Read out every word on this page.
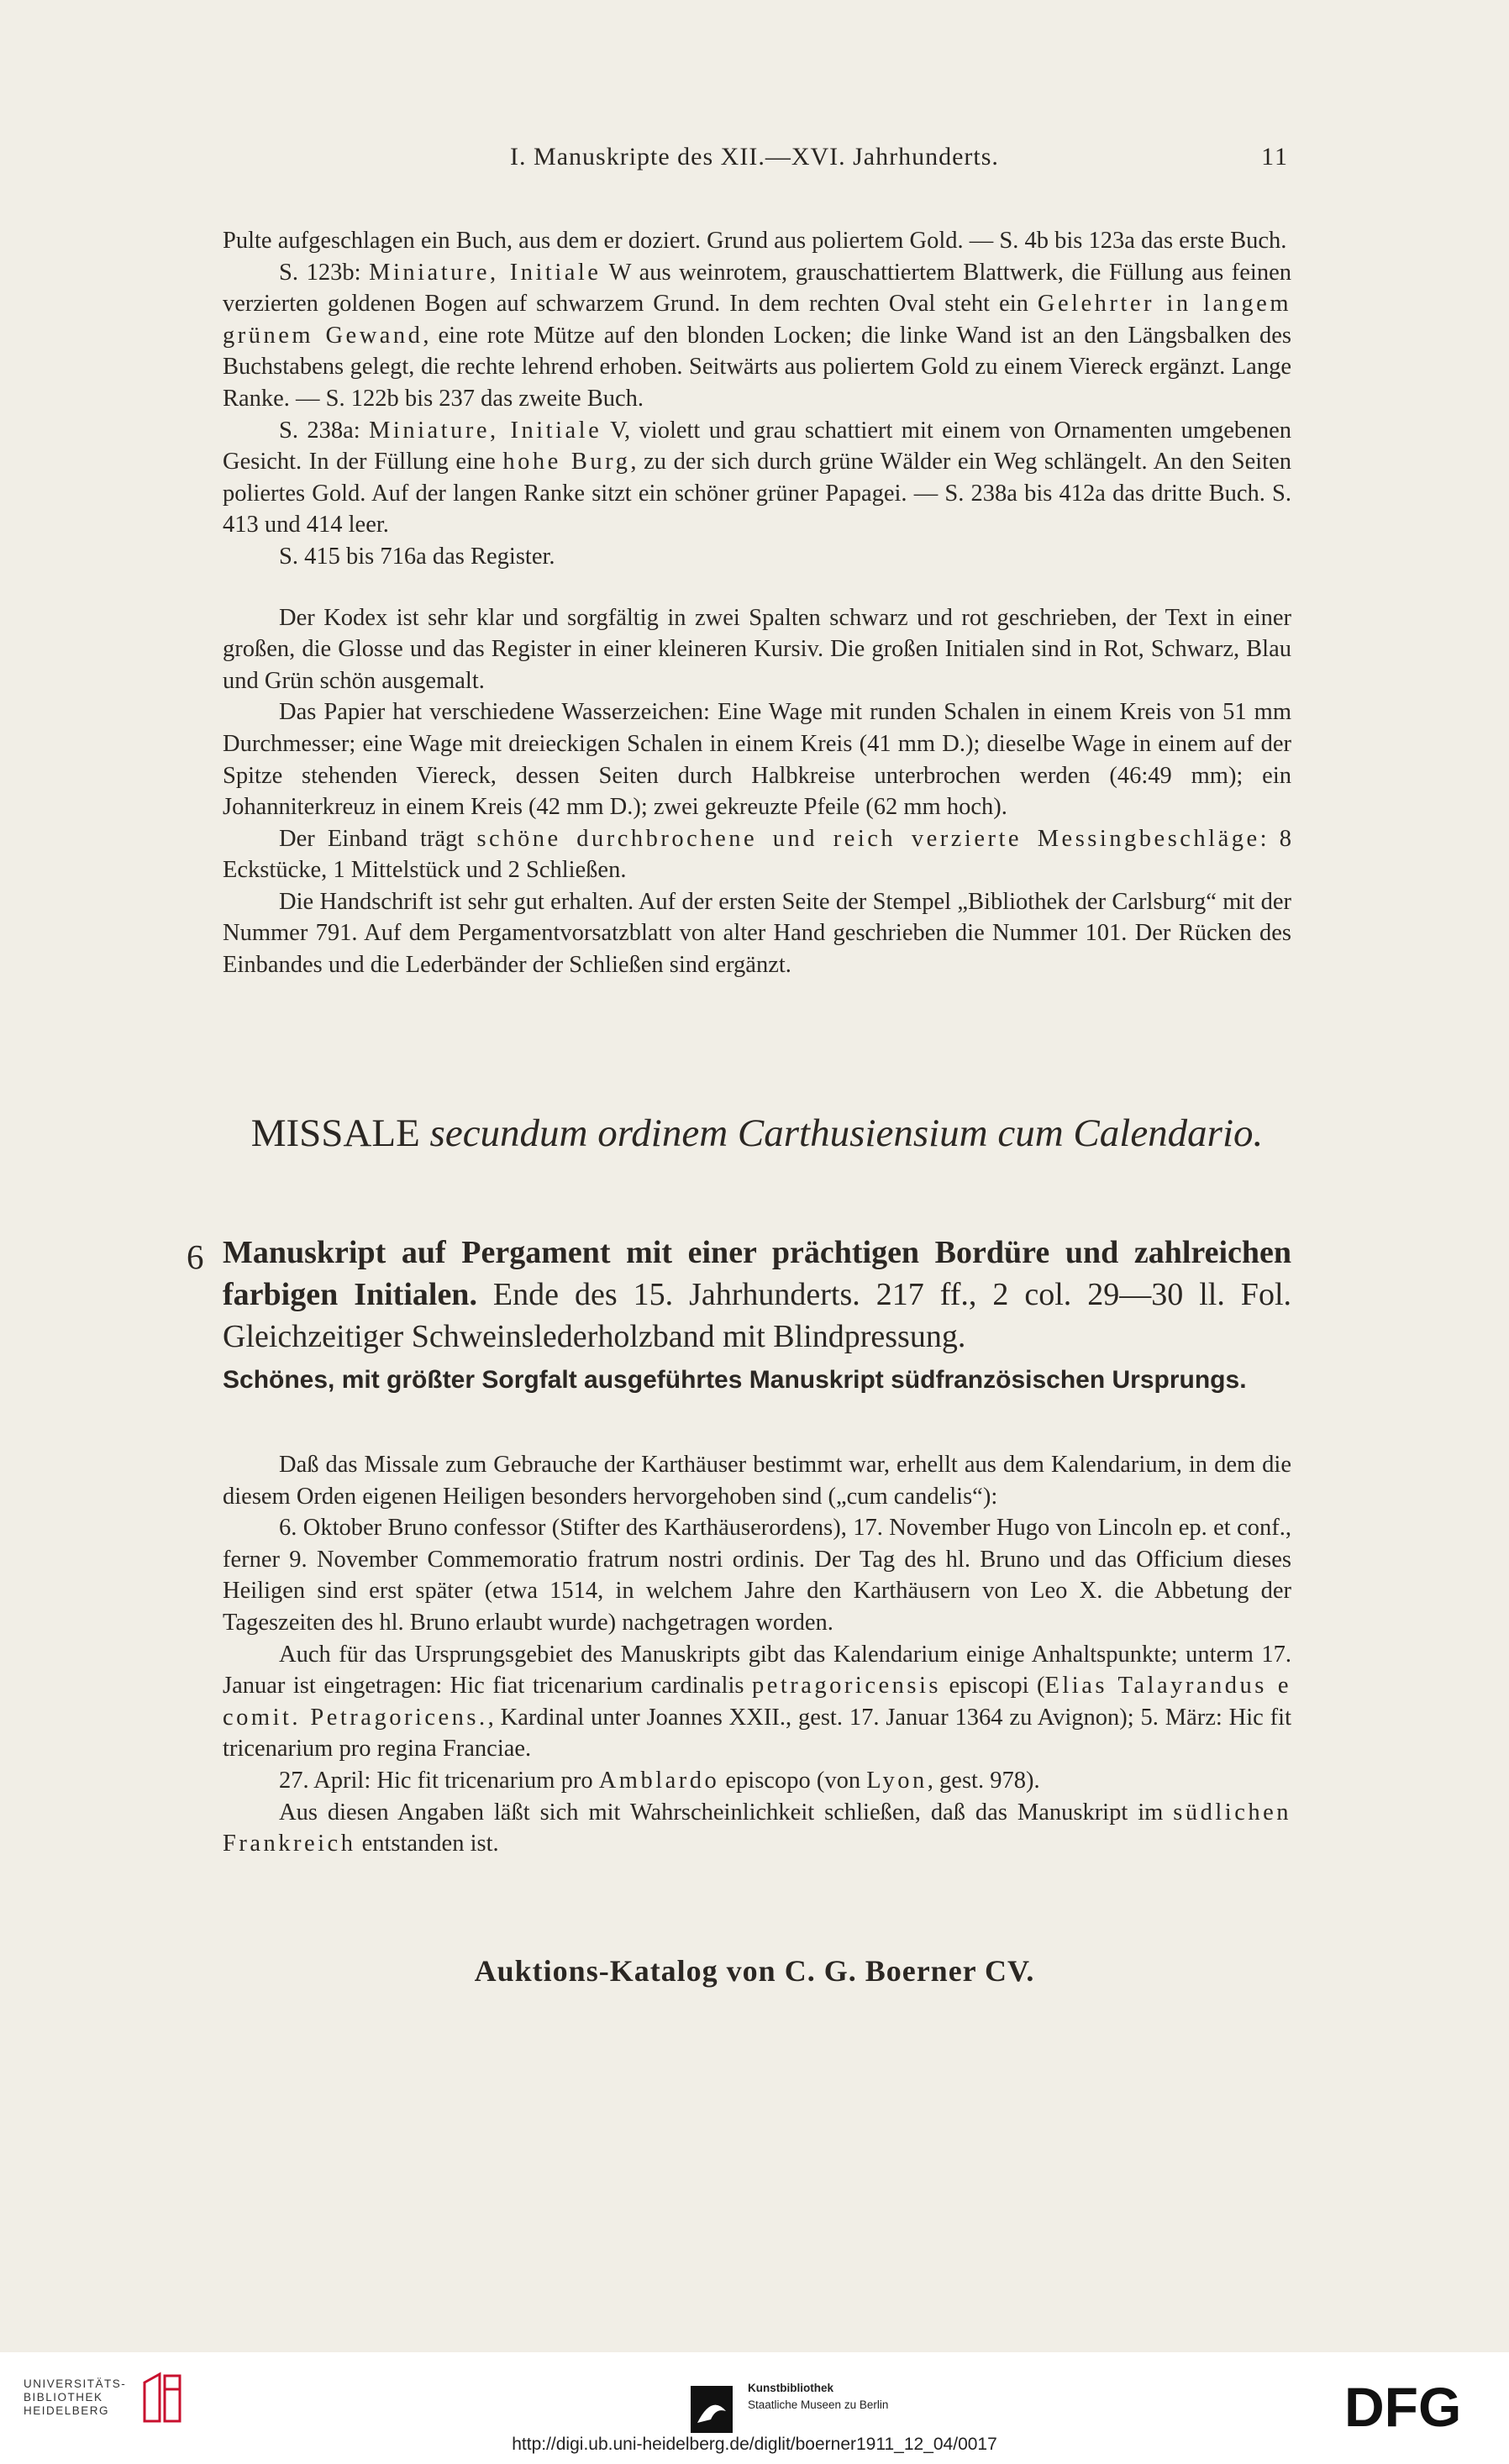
I. Manuskripte des XII.—XVI. Jahrhunderts.	11

Pulte aufgeschlagen ein Buch, aus dem er doziert. Grund aus poliertem Gold. — S. 4b bis 123a das erste Buch.

S. 123b: Miniature, Initiale W aus weinrotem, grauschattiertem Blattwerk, die Füllung aus feinen verzierten goldenen Bogen auf schwarzem Grund. In dem rechten Oval steht ein Gelehrter in langem grünem Gewand, eine rote Mütze auf den blonden Locken; die linke Wand ist an den Längsbalken des Buchstabens gelegt, die rechte lehrend erhoben. Seitwärts aus poliertem Gold zu einem Viereck ergänzt. Lange Ranke. — S. 122b bis 237 das zweite Buch.

S. 238a: Miniature, Initiale V, violett und grau schattiert mit einem von Ornamenten umgebenen Gesicht. In der Füllung eine hohe Burg, zu der sich durch grüne Wälder ein Weg schlängelt. An den Seiten poliertes Gold. Auf der langen Ranke sitzt ein schöner grüner Papagei. — S. 238a bis 412a das dritte Buch. S. 413 und 414 leer.

S. 415 bis 716a das Register.

Der Kodex ist sehr klar und sorgfältig in zwei Spalten schwarz und rot geschrieben, der Text in einer großen, die Glosse und das Register in einer kleineren Kursiv. Die großen Initialen sind in Rot, Schwarz, Blau und Grün schön ausgemalt.

Das Papier hat verschiedene Wasserzeichen: Eine Wage mit runden Schalen in einem Kreis von 51 mm Durchmesser; eine Wage mit dreieckigen Schalen in einem Kreis (41 mm D.); dieselbe Wage in einem auf der Spitze stehenden Viereck, dessen Seiten durch Halbkreise unterbrochen werden (46:49 mm); ein Johanniterkreuz in einem Kreis (42 mm D.); zwei gekreuzte Pfeile (62 mm hoch).

Der Einband trägt schöne durchbrochene und reich verzierte Messingbeschläge: 8 Eckstücke, 1 Mittelstück und 2 Schließen.

Die Handschrift ist sehr gut erhalten. Auf der ersten Seite der Stempel „Bibliothek der Carlsburg“ mit der Nummer 791. Auf dem Pergamentvorsatzblatt von alter Hand geschrieben die Nummer 101. Der Rücken des Einbandes und die Lederbänder der Schließen sind ergänzt.

MISSALE secundum ordinem Carthusiensium cum Calendario.
6 Manuskript auf Pergament mit einer prächtigen Bordüre und zahlreichen farbigen Initialen. Ende des 15. Jahrhunderts. 217 ff., 2 col. 29—30 ll. Fol. Gleichzeitiger Schweinslederholzband mit Blindpressung.
Schönes, mit größter Sorgfalt ausgeführtes Manuskript südfranzösischen Ursprungs.

Daß das Missale zum Gebrauche der Karthäuser bestimmt war, erhellt aus dem Kalendarium, in dem die diesem Orden eigenen Heiligen besonders hervorgehoben sind („cum candelis“):

6. Oktober Bruno confessor (Stifter des Karthäuserordens), 17. November Hugo von Lincoln ep. et conf., ferner 9. November Commemoratio fratrum nostri ordinis. Der Tag des hl. Bruno und das Officium dieses Heiligen sind erst später (etwa 1514, in welchem Jahre den Karthäusern von Leo X. die Abbetung der Tageszeiten des hl. Bruno erlaubt wurde) nachgetragen worden.

Auch für das Ursprungsgebiet des Manuskripts gibt das Kalendarium einige Anhaltspunkte; unterm 17. Januar ist eingetragen: Hic fiat tricenarium cardinalis petragoricensis episcopi (Elias Talayrandus e comit. Petragoricens., Kardinal unter Joannes XXII., gest. 17. Januar 1364 zu Avignon); 5. März: Hic fit tricenarium pro regina Franciae.

27. April: Hic fit tricenarium pro Amblardo episcopo (von Lyon, gest. 978).

Aus diesen Angaben läßt sich mit Wahrscheinlichkeit schließen, daß das Manuskript im südlichen Frankreich entstanden ist.

Auktions-Katalog von C. G. Boerner CV.
UNIVERSITÄTS-
BIBLIOTHEK
HEIDELBERG
Kunstbibliothek
Staatliche Museen zu Berlin	DFG
http://digi.ub.uni-heidelberg.de/diglit/boerner1911_12_04/0017
